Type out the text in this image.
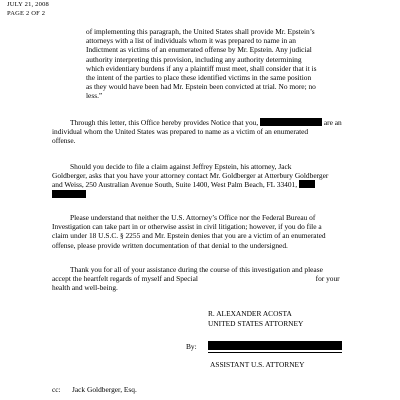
JULY 21, 2008
PAGE 2 OF 2
of implementing this paragraph, the United States shall provide Mr. Epstein’s
attorneys with a list of individuals whom it was prepared to name in an
Indictment as victims of an enumerated offense by Mr. Epstein. Any judicial
authority interpreting this provision, including any authority determining
which evidentiary burdens if any a plaintiff must meet, shall consider that it is
the intent of the parties to place these identified victims in the same position
as they would have been had Mr. Epstein been convicted at trial. No more; no
less.”
Through this letter, this Office hereby provides Notice that you,	are an
individual whom the United States was prepared to name as a victim of an enumerated
offense.
Should you decide to file a claim against Jeffrey Epstein, his attorney, Jack
Goldberger, asks that you have your attorney contact Mr. Goldberger at Atterbury Goldberger
and Weiss, 250 Australian Avenue South, Suite 1400, West Palm Beach, FL 33401,
Please understand that neither the U.S. Attorney’s Office nor the Federal Bureau of
Investigation can take part in or otherwise assist in civil litigation; however, if you do file a
claim under 18 U.S.C. § 2255 and Mr. Epstein denies that you are a victim of an enumerated
offense, please provide written documentation of that denial to the undersigned.
Thank you for all of your assistance during the course of this investigation and please
accept the heartfelt regards of myself and Special	for your
health and well-being.
R. ALEXANDER ACOSTA
UNITED STATES ATTORNEY
By:
ASSISTANT U.S. ATTORNEY
cc: Jack Goldberger, Esq.
